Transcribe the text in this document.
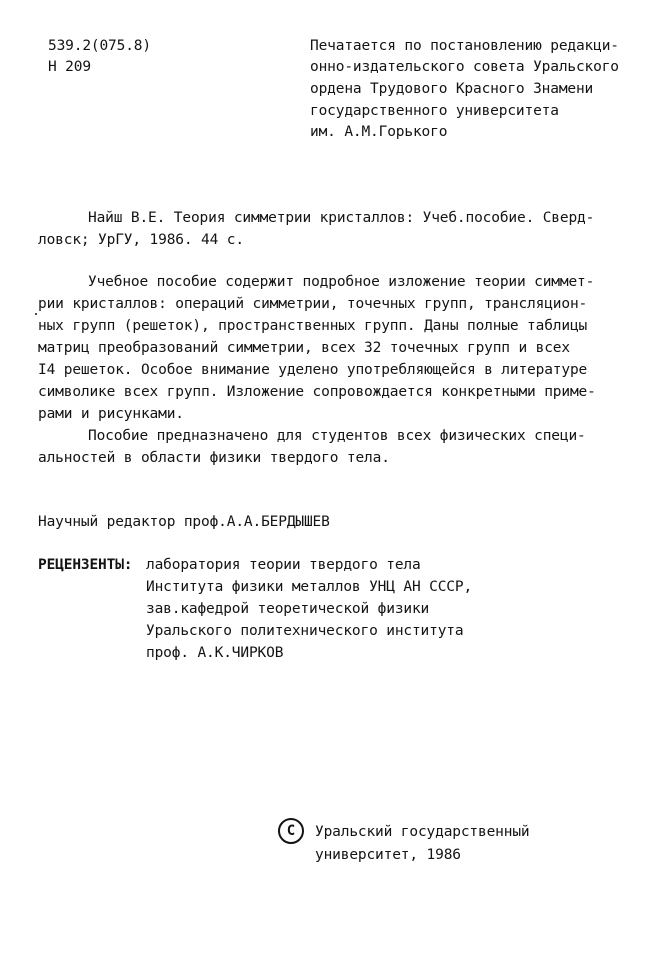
539.2(075.8)
Н 209
Печатается по постановлению редакци-
онно-издательского совета Уральского
ордена Трудового Красного Знамени
государственного университета
им. А.М.Горького
Найш В.Е. Теория симметрии кристаллов: Учеб.пособие. Сверд-
ловск; УрГУ, 1986. 44 с.
Учебное пособие содержит подробное изложение теории симмет-
рии кристаллов: операций симметрии, точечных групп, трансляцион-
ных групп (решеток), пространственных групп. Даны полные таблицы
матриц преобразований симметрии, всех 32 точечных групп и всех
I4 решеток. Особое внимание уделено употребляющейся в литературе
символике всех групп. Изложение сопровождается конкретными приме-
рами и рисунками.
Пособие предназначено для студентов всех физических специ-
альностей в области физики твердого тела.
Научный редактор проф.А.А.БЕРДЫШЕВ
РЕЦЕНЗЕНТЫ: лаборатория теории твердого тела
Института физики металлов УНЦ АН СССР,
зав.кафедрой теоретической физики
Уральского политехнического института
проф. А.К.ЧИРКОВ
С	Уральский государственный
университет, 1986
